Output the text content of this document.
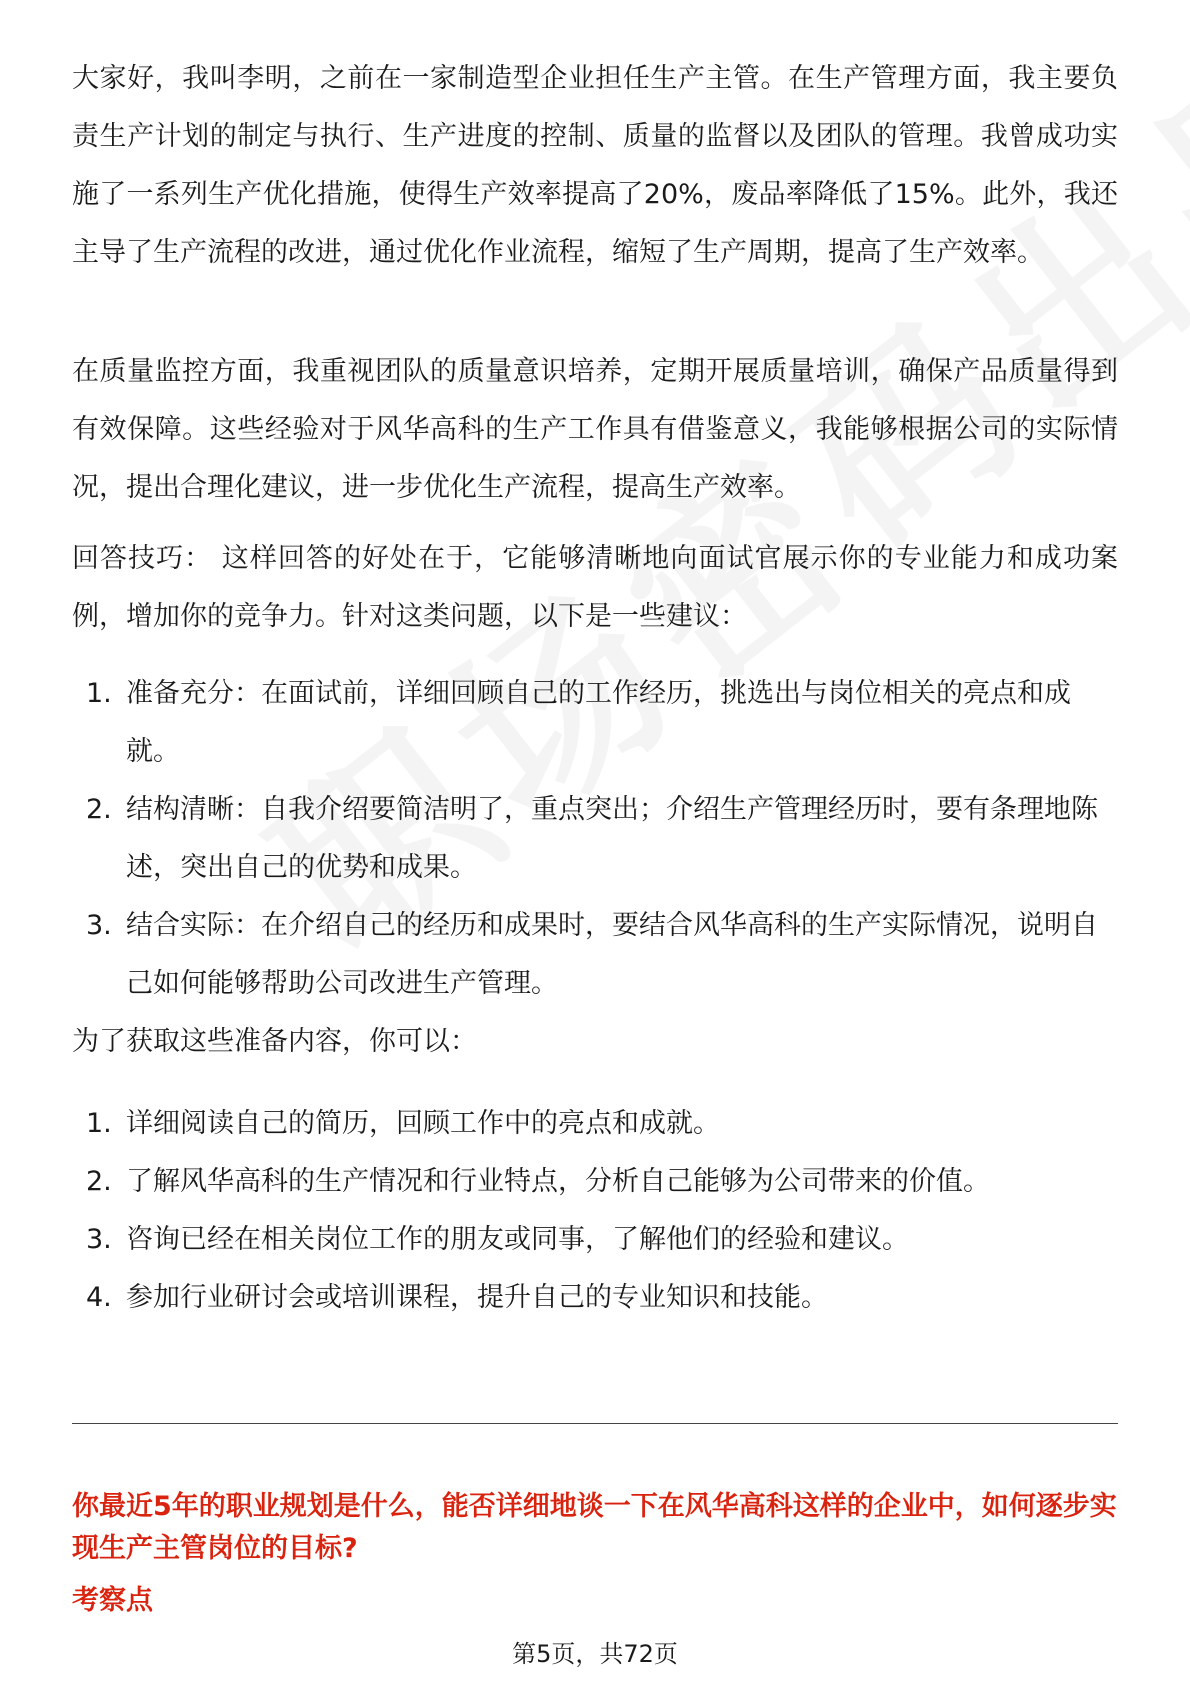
大家好，我叫李明，之前在一家制造型企业担任生产主管。在生产管理方面，我主要负责生产计划的制定与执行、生产进度的控制、质量的监督以及团队的管理。我曾成功实施了一系列生产优化措施，使得生产效率提高了20%，废品率降低了15%。此外，我还主导了生产流程的改进，通过优化作业流程，缩短了生产周期，提高了生产效率。

在质量监控方面，我重视团队的质量意识培养，定期开展质量培训，确保产品质量得到有效保障。这些经验对于风华高科的生产工作具有借鉴意义，我能够根据公司的实际情况，提出合理化建议，进一步优化生产流程，提高生产效率。

回答技巧： 这样回答的好处在于，它能够清晰地向面试官展示你的专业能力和成功案例，增加你的竞争力。针对这类问题，以下是一些建议：

1. 准备充分：在面试前，详细回顾自己的工作经历，挑选出与岗位相关的亮点和成就。
2. 结构清晰：自我介绍要简洁明了，重点突出；介绍生产管理经历时，要有条理地陈述，突出自己的优势和成果。
3. 结合实际：在介绍自己的经历和成果时，要结合风华高科的生产实际情况，说明自己如何能够帮助公司改进生产管理。

为了获取这些准备内容，你可以：

1. 详细阅读自己的简历，回顾工作中的亮点和成就。
2. 了解风华高科的生产情况和行业特点，分析自己能够为公司带来的价值。
3. 咨询已经在相关岗位工作的朋友或同事，了解他们的经验和建议。
4. 参加行业研讨会或培训课程，提升自己的专业知识和技能。

你最近5年的职业规划是什么，能否详细地谈一下在风华高科这样的企业中，如何逐步实现生产主管岗位的目标?

考察点

第5页，共72页
